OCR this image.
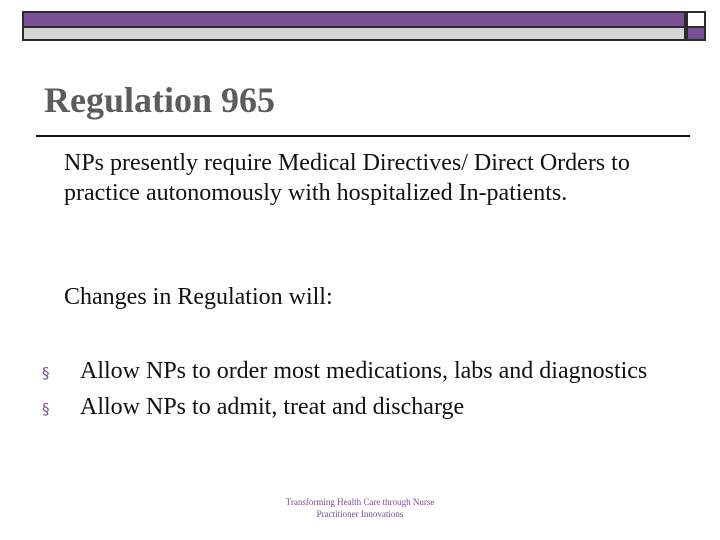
Regulation 965

NPs presently require Medical Directives/ Direct Orders to practice autonomously with hospitalized In-patients.

Changes in Regulation will:

§ Allow NPs to order most medications, labs and diagnostics
§ Allow NPs to admit, treat and discharge
Transforming Health Care through Nurse
Practitioner Innovations
